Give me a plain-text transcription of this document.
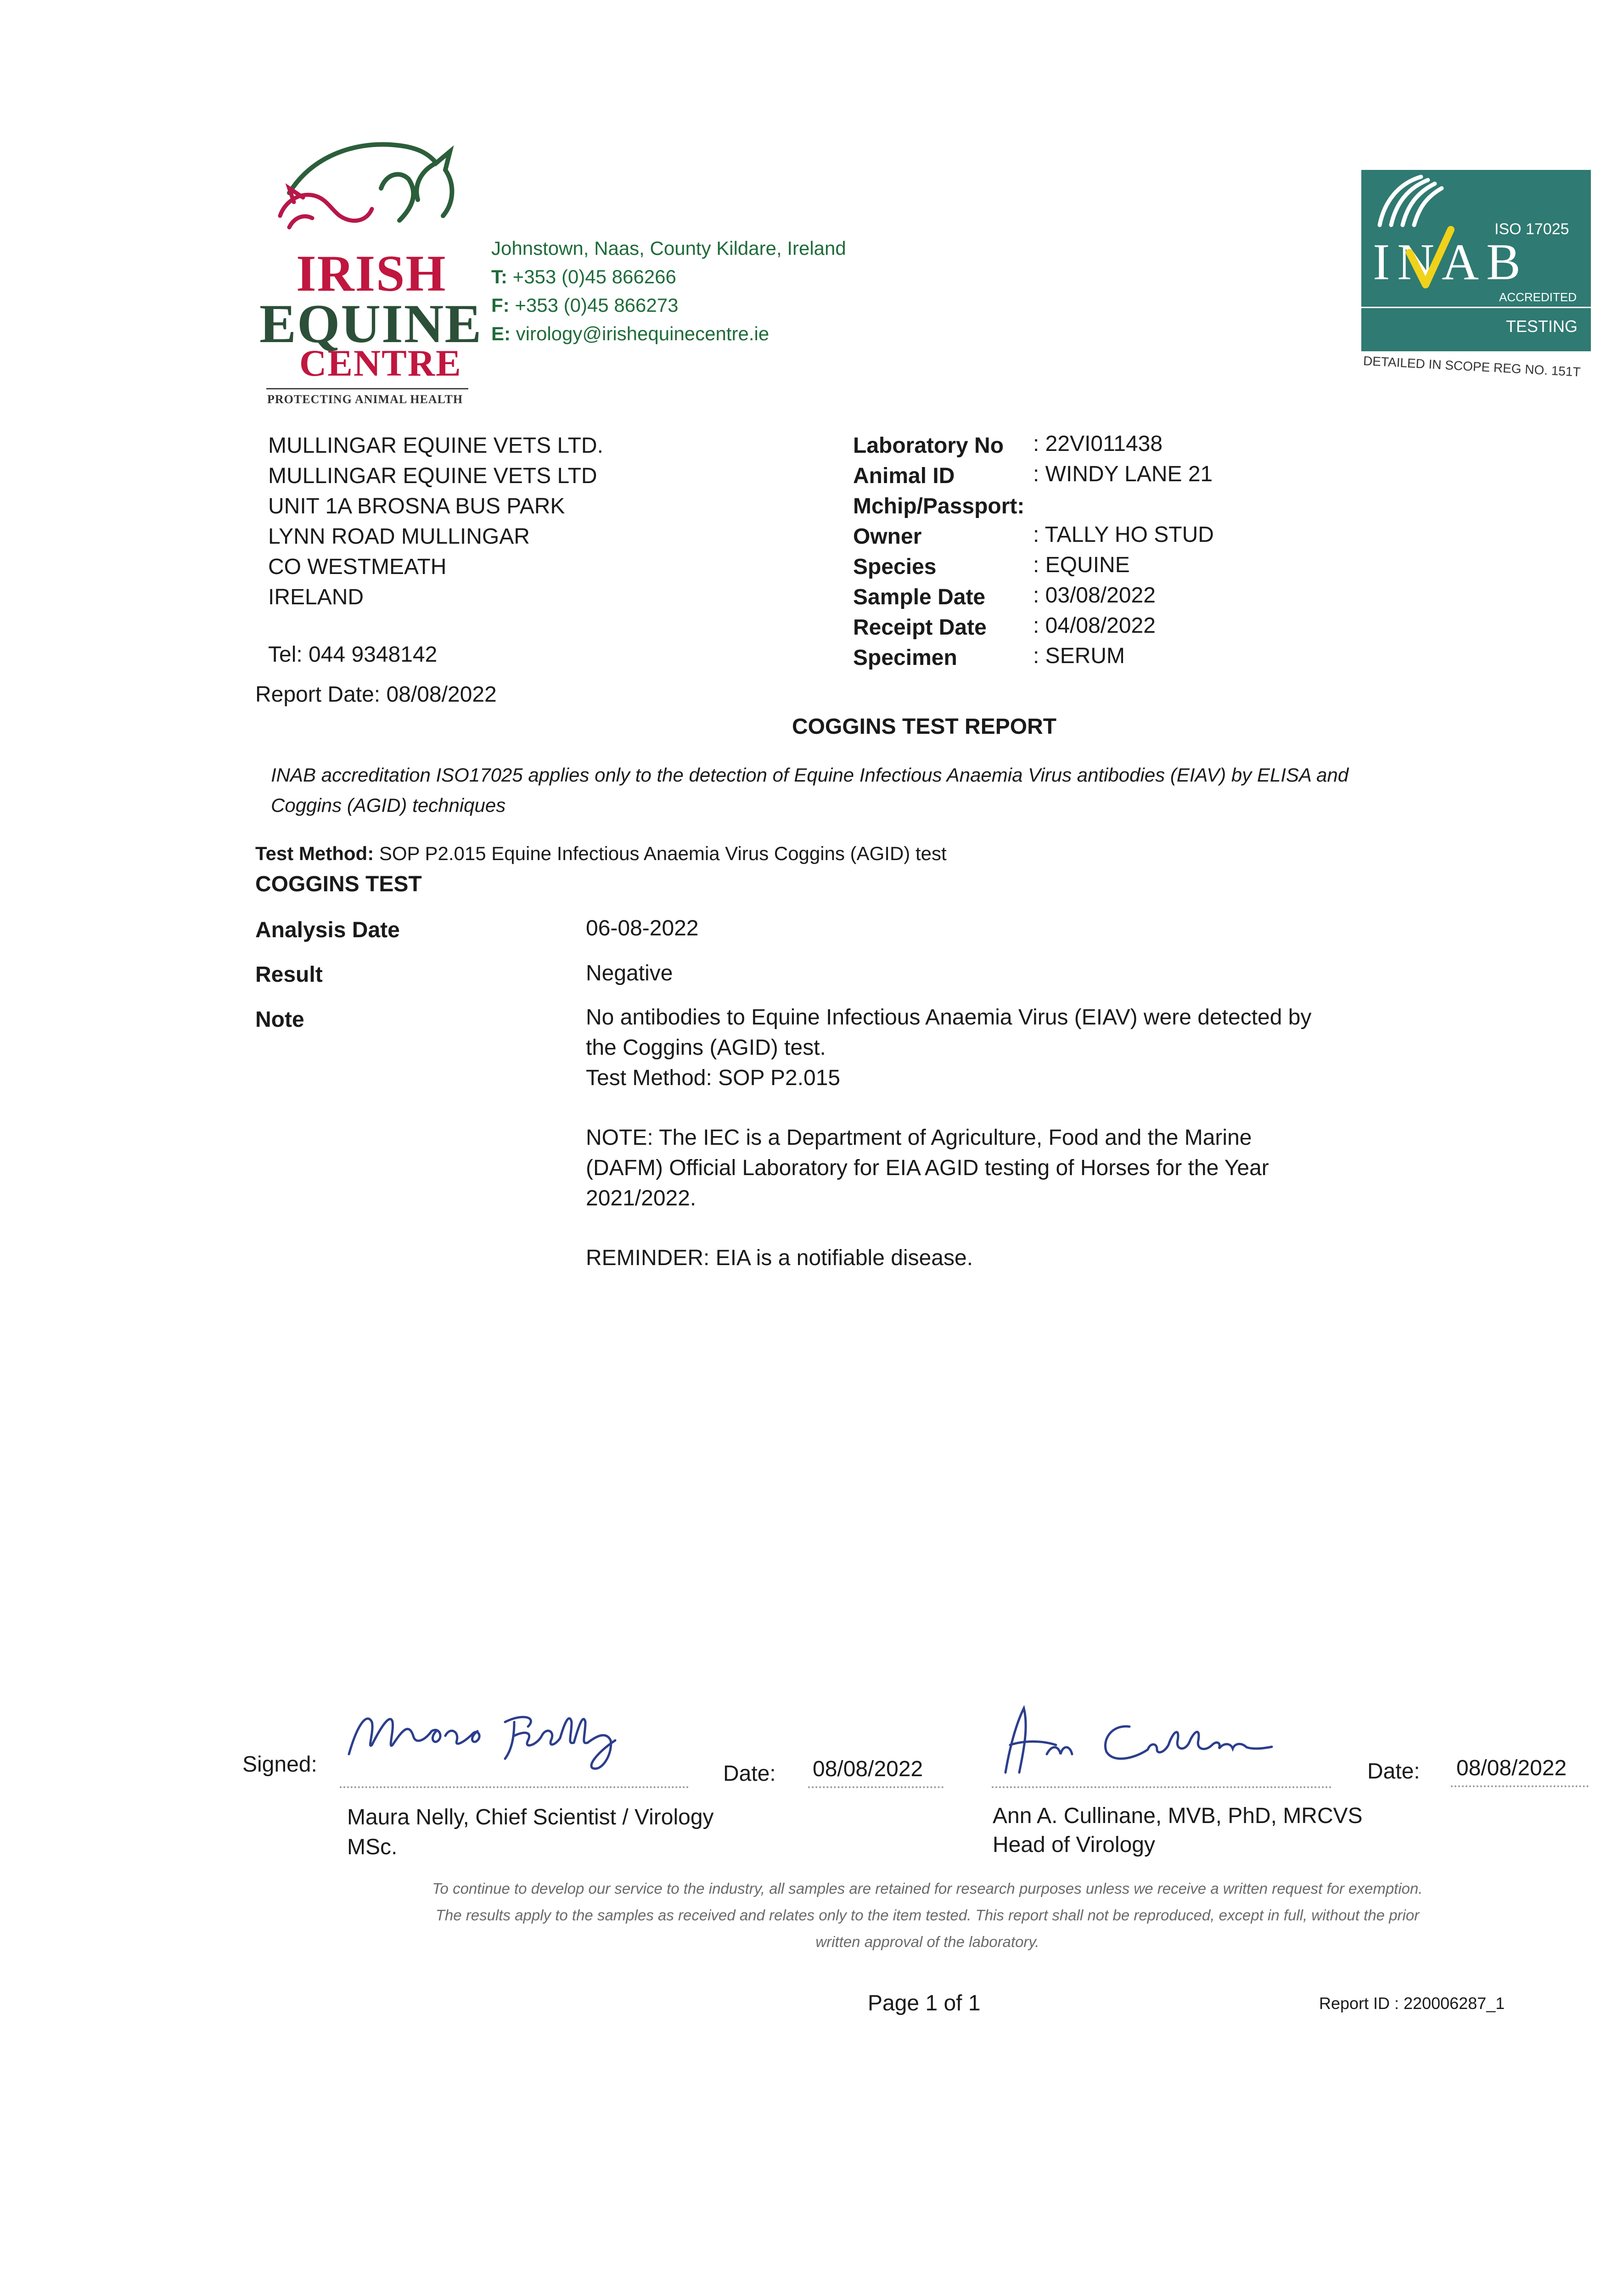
IRISH
EQUINE
CENTRE
PROTECTING ANIMAL HEALTH
Johnstown, Naas, County Kildare, Ireland
T: +353 (0)45 866266
F: +353 (0)45 866273
E: virology@irishequinecentre.ie
ISO 17025
INAB
ACCREDITED
TESTING
DETAILED IN SCOPE REG NO. 151T
MULLINGAR EQUINE VETS LTD.
MULLINGAR EQUINE VETS LTD
UNIT 1A BROSNA BUS PARK
LYNN ROAD MULLINGAR
CO WESTMEATH
IRELAND
Tel: 044 9348142
Report Date: 08/08/2022
Laboratory No : 22VI011438
Animal ID	: WINDY LANE 21
Mchip/Passport:
Owner	: TALLY HO STUD
Species	: EQUINE
Sample Date : 03/08/2022
Receipt Date : 04/08/2022
Specimen	: SERUM
COGGINS TEST REPORT
INAB accreditation ISO17025 applies only to the detection of Equine Infectious Anaemia Virus antibodies (EIAV) by ELISA and
Coggins (AGID) techniques
Test Method: SOP P2.015 Equine Infectious Anaemia Virus Coggins (AGID) test
COGGINS TEST
Analysis Date	06-08-2022
Result	Negative
Note	No antibodies to Equine Infectious Anaemia Virus (EIAV) were detected by
the Coggins (AGID) test.
Test Method: SOP P2.015
NOTE: The IEC is a Department of Agriculture, Food and the Marine
(DAFM) Official Laboratory for EIA AGID testing of Horses for the Year
2021/2022.
REMINDER: EIA is a notifiable disease.
Signed:	Date: 08/08/2022
Maura Nelly, Chief Scientist / Virology
MSc.
Date: 08/08/2022
Ann A. Cullinane, MVB, PhD, MRCVS
Head of Virology
To continue to develop our service to the industry, all samples are retained for research purposes unless we receive a written request for exemption.
The results apply to the samples as received and relates only to the item tested. This report shall not be reproduced, except in full, without the prior
written approval of the laboratory.
Page 1 of 1	Report ID : 220006287_1
